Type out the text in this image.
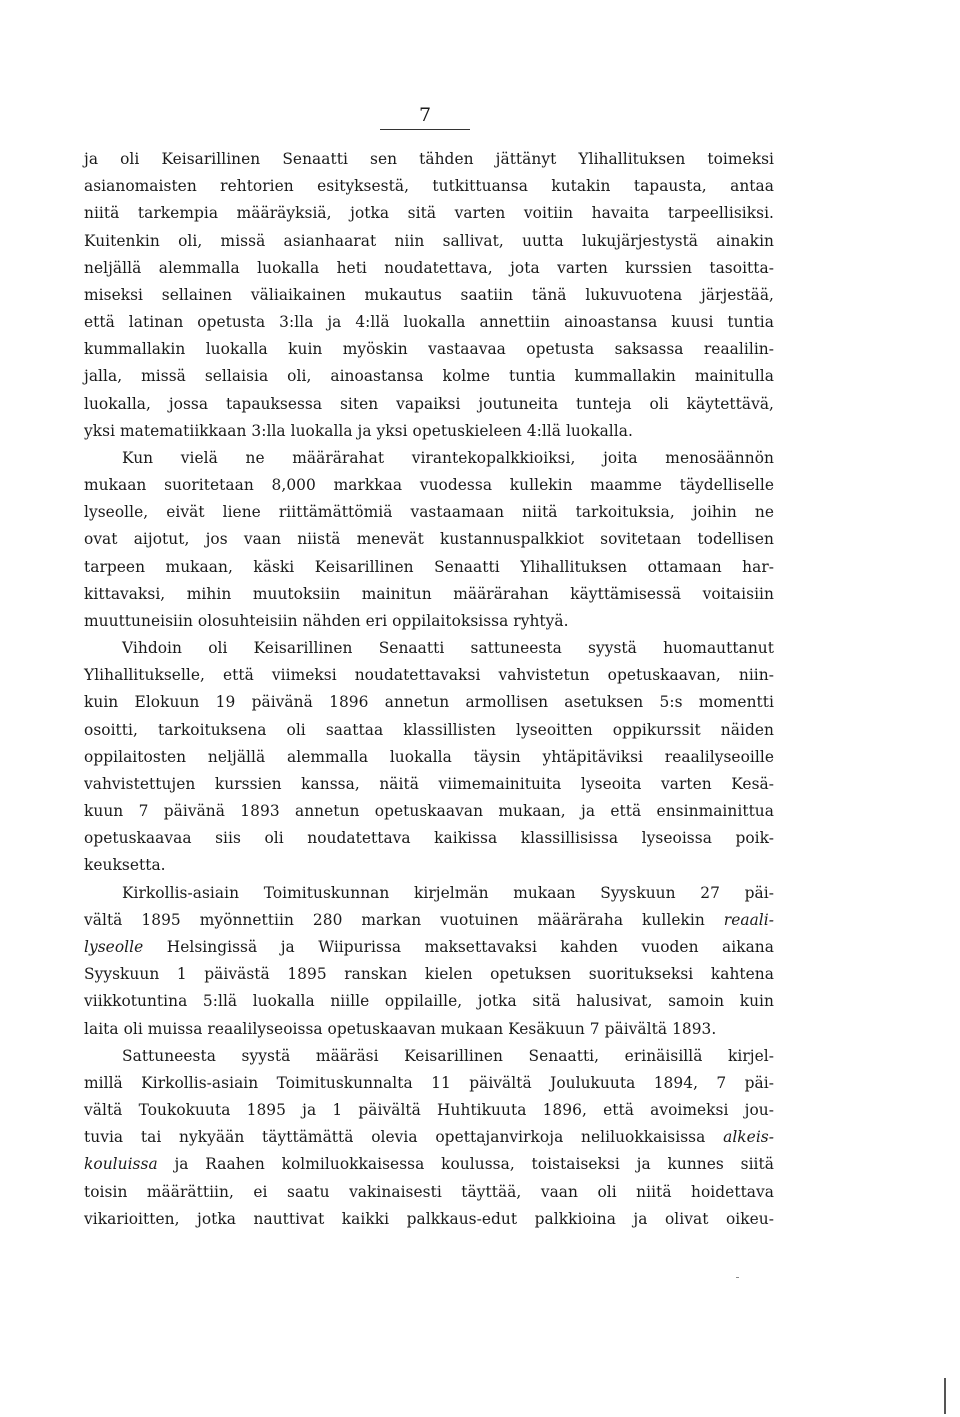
7
ja oli Keisarillinen Senaatti sen tähden jättänyt Ylihallituksen toimeksi
asianomaisten rehtorien esityksestä, tutkittuansa kutakin tapausta, antaa
niitä tarkempia määräyksiä, jotka sitä varten voitiin havaita tarpeellisiksi.
Kuitenkin oli, missä asianhaarat niin sallivat, uutta lukujärjestystä ainakin
neljällä alemmalla luokalla heti noudatettava, jota varten kurssien tasoitta-
miseksi sellainen väliaikainen mukautus saatiin tänä lukuvuotena järjestää,
että latinan opetusta 3:lla ja 4:llä luokalla annettiin ainoastansa kuusi tuntia
kummallakin luokalla kuin myöskin vastaavaa opetusta saksassa reaalilin-
jalla, missä sellaisia oli, ainoastansa kolme tuntia kummallakin mainitulla
luokalla, jossa tapauksessa siten vapaiksi joutuneita tunteja oli käytettävä,
yksi matematiikkaan 3:lla luokalla ja yksi opetuskieleen 4:llä luokalla.
Kun vielä ne määrärahat virantekopalkkioiksi, joita menosäännön
mukaan suoritetaan 8,000 markkaa vuodessa kullekin maamme täydelliselle
lyseolle, eivät liene riittämättömiä vastaamaan niitä tarkoituksia, joihin ne
ovat aijotut, jos vaan niistä menevät kustannuspalkkiot sovitetaan todellisen
tarpeen mukaan, käski Keisarillinen Senaatti Ylihallituksen ottamaan har-
kittavaksi, mihin muutoksiin mainitun määrärahan käyttämisessä voitaisiin
muuttuneisiin olosuhteisiin nähden eri oppilaitoksissa ryhtyä.
Vihdoin oli Keisarillinen Senaatti sattuneesta syystä huomauttanut
Ylihallitukselle, että viimeksi noudatettavaksi vahvistetun opetuskaavan, niin-
kuin Elokuun 19 päivänä 1896 annetun armollisen asetuksen 5:s momentti
osoitti, tarkoituksena oli saattaa klassillisten lyseoitten oppikurssit näiden
oppilaitosten neljällä alemmalla luokalla täysin yhtäpitäviksi reaalilyseoille
vahvistettujen kurssien kanssa, näitä viimemainituita lyseoita varten Kesä-
kuun 7 päivänä 1893 annetun opetuskaavan mukaan, ja että ensinmainittua
opetuskaavaa siis oli noudatettava kaikissa klassillisissa lyseoissa poik-
keuksetta.
Kirkollis-asiain Toimituskunnan kirjelmän mukaan Syyskuun 27 päi-
vältä 1895 myönnettiin 280 markan vuotuinen määräraha kullekin reaali-
lyseolle Helsingissä ja Wiipurissa maksettavaksi kahden vuoden aikana
Syyskuun 1 päivästä 1895 ranskan kielen opetuksen suoritukseksi kahtena
viikkotuntina 5:llä luokalla niille oppilaille, jotka sitä halusivat, samoin kuin
laita oli muissa reaalilyseoissa opetuskaavan mukaan Kesäkuun 7 päivältä 1893.
Sattuneesta syystä määräsi Keisarillinen Senaatti, erinäisillä kirjel-
millä Kirkollis-asiain Toimituskunnalta 11 päivältä Joulukuuta 1894, 7 päi-
vältä Toukokuuta 1895 ja 1 päivältä Huhtikuuta 1896, että avoimeksi jou-
tuvia tai nykyään täyttämättä olevia opettajanvirkoja neliluokkaisissa alkeis-
kouluissa ja Raahen kolmiluokkaisessa koulussa, toistaiseksi ja kunnes siitä
toisin määrättiin, ei saatu vakinaisesti täyttää, vaan oli niitä hoidettava
vikarioitten, jotka nauttivat kaikki palkkaus-edut palkkioina ja olivat oikeu-
